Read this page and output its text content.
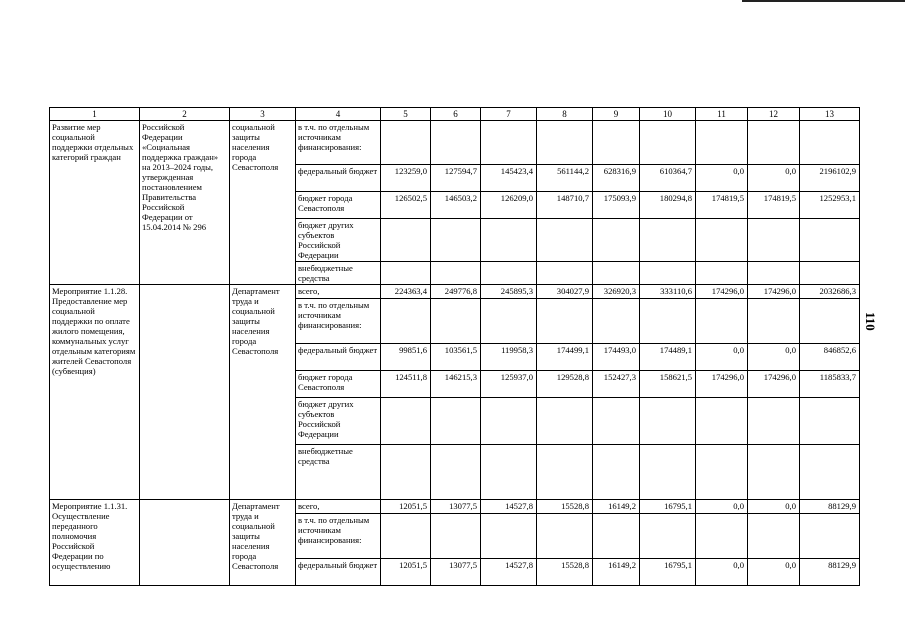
110
1	2	3	4	5	6	7	8	9	10	11	12	13
Развитие мер социальной поддержки отдельных категорий граждан	Российской Федерации «Социальная поддержка граждан» на 2013–2024 годы, утвержденная постановлением Правительства Российской Федерации от 15.04.2014 № 296	социальной защиты населения города Севастополя	в т.ч. по отдельным источникам финансирования:									
			федеральный бюджет	123259,0	127594,7	145423,4	561144,2	628316,9	610364,7	0,0	0,0	2196102,9
			бюджет города Севастополя	126502,5	146503,2	126209,0	148710,7	175093,9	180294,8	174819,5	174819,5	1252953,1
			бюджет других субъектов Российской Федерации									
			внебюджетные средства									
Мероприятие 1.1.28. Предоставление мер социальной поддержки по оплате жилого помещения, коммунальных услуг отдельным категориям жителей Севастополя (субвенция)		Департамент труда и социальной защиты населения города Севастополя	всего,	224363,4	249776,8	245895,3	304027,9	326920,3	333110,6	174296,0	174296,0	2032686,3
			в т.ч. по отдельным источникам финансирования:									
			федеральный бюджет	99851,6	103561,5	119958,3	174499,1	174493,0	174489,1	0,0	0,0	846852,6
			бюджет города Севастополя	124511,8	146215,3	125937,0	129528,8	152427,3	158621,5	174296,0	174296,0	1185833,7
			бюджет других субъектов Российской Федерации									
			внебюджетные средства									
Мероприятие 1.1.31. Осуществление переданного полномочия Российской Федерации по осуществлению		Департамент труда и социальной защиты населения города Севастополя	всего,	12051,5	13077,5	14527,8	15528,8	16149,2	16795,1	0,0	0,0	88129,9
			в т.ч. по отдельным источникам финансирования:									
			федеральный бюджет	12051,5	13077,5	14527,8	15528,8	16149,2	16795,1	0,0	0,0	88129,9
